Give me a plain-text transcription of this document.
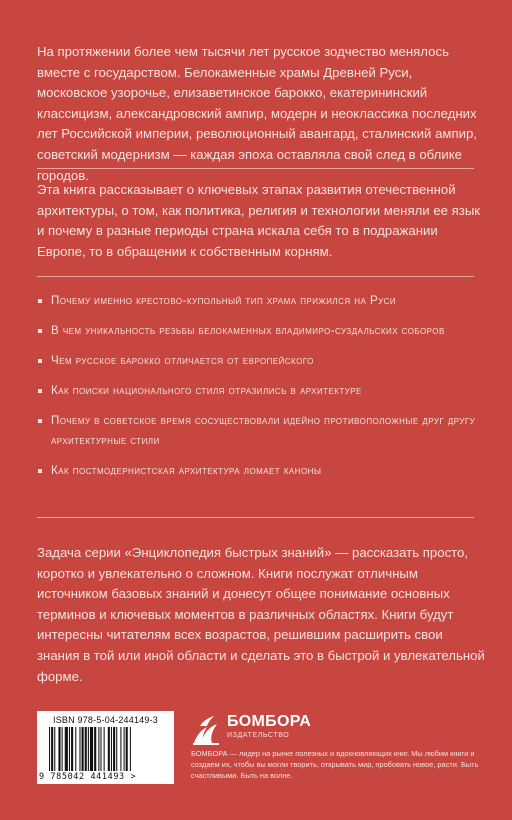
На протяжении более чем тысячи лет русское зодчество менялось вместе с государством. Белокаменные храмы Древней Руси, московское узорочье, елизаветинское барокко, екатерининский классицизм, александровский ампир, модерн и неоклассика последних лет Российской империи, революционный авангард, сталинский ампир, советский модернизм — каждая эпоха оставляла свой след в облике городов.

Эта книга рассказывает о ключевых этапах развития отечественной архитектуры, о том, как политика, религия и технологии меняли ее язык и почему в разные периоды страна искала себя то в подражании Европе, то в обращении к собственным корням.

Почему именно крестово-купольный тип храма прижился на Руси
В чем уникальность резьбы белокаменных владимиро-суздальских соборов
Чем русское барокко отличается от европейского
Как поиски национального стиля отразились в архитектуре
Почему в советское время сосуществовали идейно противоположные друг другу архитектурные стили
Как постмодернистская архитектура ломает каноны

Задача серии «Энциклопедия быстрых знаний» — рассказать просто, коротко и увлекательно о сложном. Книги послужат отличным источником базовых знаний и донесут общее понимание основных терминов и ключевых моментов в различных областях. Книги будут интересны читателям всех возрастов, решившим расширить свои знания в той или иной области и сделать это в быстрой и увлекательной форме.

ISBN 978-5-04-244149-3
9 785042 441493 >
БОМБОРА
ИЗДАТЕЛЬСТВО
БОМБОРА — лидер на рынке полезных и вдохновляющих книг. Мы любим книги и создаем их, чтобы вы могли творить, открывать мир, пробовать новое, расти. Быть счастливыми. Быть на волне.
